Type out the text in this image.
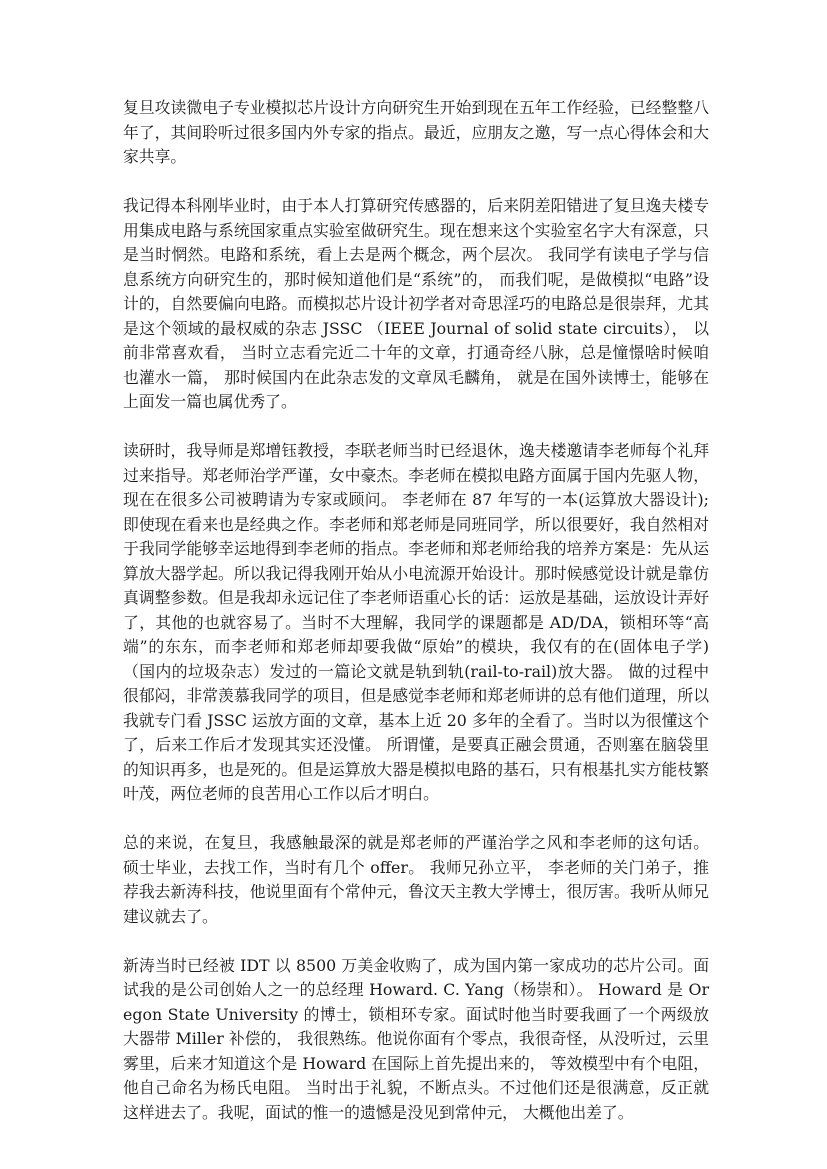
复旦攻读微电子专业模拟芯片设计方向研究生开始到现在五年工作经验，已经整整八年了，其间聆听过很多国内外专家的指点。最近，应朋友之邀，写一点心得体会和大家共享。

我记得本科刚毕业时，由于本人打算研究传感器的，后来阴差阳错进了复旦逸夫楼专用集成电路与系统国家重点实验室做研究生。现在想来这个实验室名字大有深意，只是当时惘然。电路和系统，看上去是两个概念，两个层次。 我同学有读电子学与信息系统方向研究生的，那时候知道他们是“系统”的， 而我们呢，是做模拟“电路”设计的，自然要偏向电路。而模拟芯片设计初学者对奇思淫巧的电路总是很崇拜，尤其是这个领域的最权威的杂志 JSSC （IEEE Journal of solid state circuits）， 以前非常喜欢看， 当时立志看完近二十年的文章，打通奇经八脉，总是憧憬啥时候咱也灌水一篇， 那时候国内在此杂志发的文章凤毛麟角， 就是在国外读博士，能够在上面发一篇也属优秀了。

读研时，我导师是郑增钰教授，李联老师当时已经退休，逸夫楼邀请李老师每个礼拜过来指导。郑老师治学严谨，女中豪杰。李老师在模拟电路方面属于国内先驱人物，现在在很多公司被聘请为专家或顾问。 李老师在 87 年写的一本(运算放大器设计);即使现在看来也是经典之作。李老师和郑老师是同班同学，所以很要好，我自然相对于我同学能够幸运地得到李老师的指点。李老师和郑老师给我的培养方案是：先从运算放大器学起。所以我记得我刚开始从小电流源开始设计。那时候感觉设计就是靠仿真调整参数。但是我却永远记住了李老师语重心长的话：运放是基础，运放设计弄好了，其他的也就容易了。当时不大理解，我同学的课题都是 AD/DA，锁相环等“高端”的东东，而李老师和郑老师却要我做“原始”的模块，我仅有的在(固体电子学) （国内的垃圾杂志）发过的一篇论文就是轨到轨(rail-to-rail)放大器。 做的过程中很郁闷，非常羡慕我同学的项目，但是感觉李老师和郑老师讲的总有他们道理，所以我就专门看 JSSC 运放方面的文章，基本上近 20 多年的全看了。当时以为很懂这个了，后来工作后才发现其实还没懂。 所谓懂，是要真正融会贯通，否则塞在脑袋里的知识再多，也是死的。但是运算放大器是模拟电路的基石，只有根基扎实方能枝繁叶茂，两位老师的良苦用心工作以后才明白。

总的来说，在复旦，我感触最深的就是郑老师的严谨治学之风和李老师的这句话。 硕士毕业，去找工作，当时有几个 offer。 我师兄孙立平， 李老师的关门弟子，推荐我去新涛科技，他说里面有个常仲元，鲁汶天主教大学博士，很厉害。我听从师兄建议就去了。

新涛当时已经被 IDT 以 8500 万美金收购了，成为国内第一家成功的芯片公司。面试我的是公司创始人之一的总经理 Howard. C. Yang（杨崇和）。 Howard 是 Oregon State University 的博士，锁相环专家。面试时他当时要我画了一个两级放大器带 Miller 补偿的， 我很熟练。他说你面有个零点，我很奇怪，从没听过，云里雾里，后来才知道这个是 Howard 在国际上首先提出来的， 等效模型中有个电阻，他自己命名为杨氏电阻。 当时出于礼貌，不断点头。不过他们还是很满意，反正就这样进去了。我呢，面试的惟一的遗憾是没见到常仲元， 大概他出差了。
